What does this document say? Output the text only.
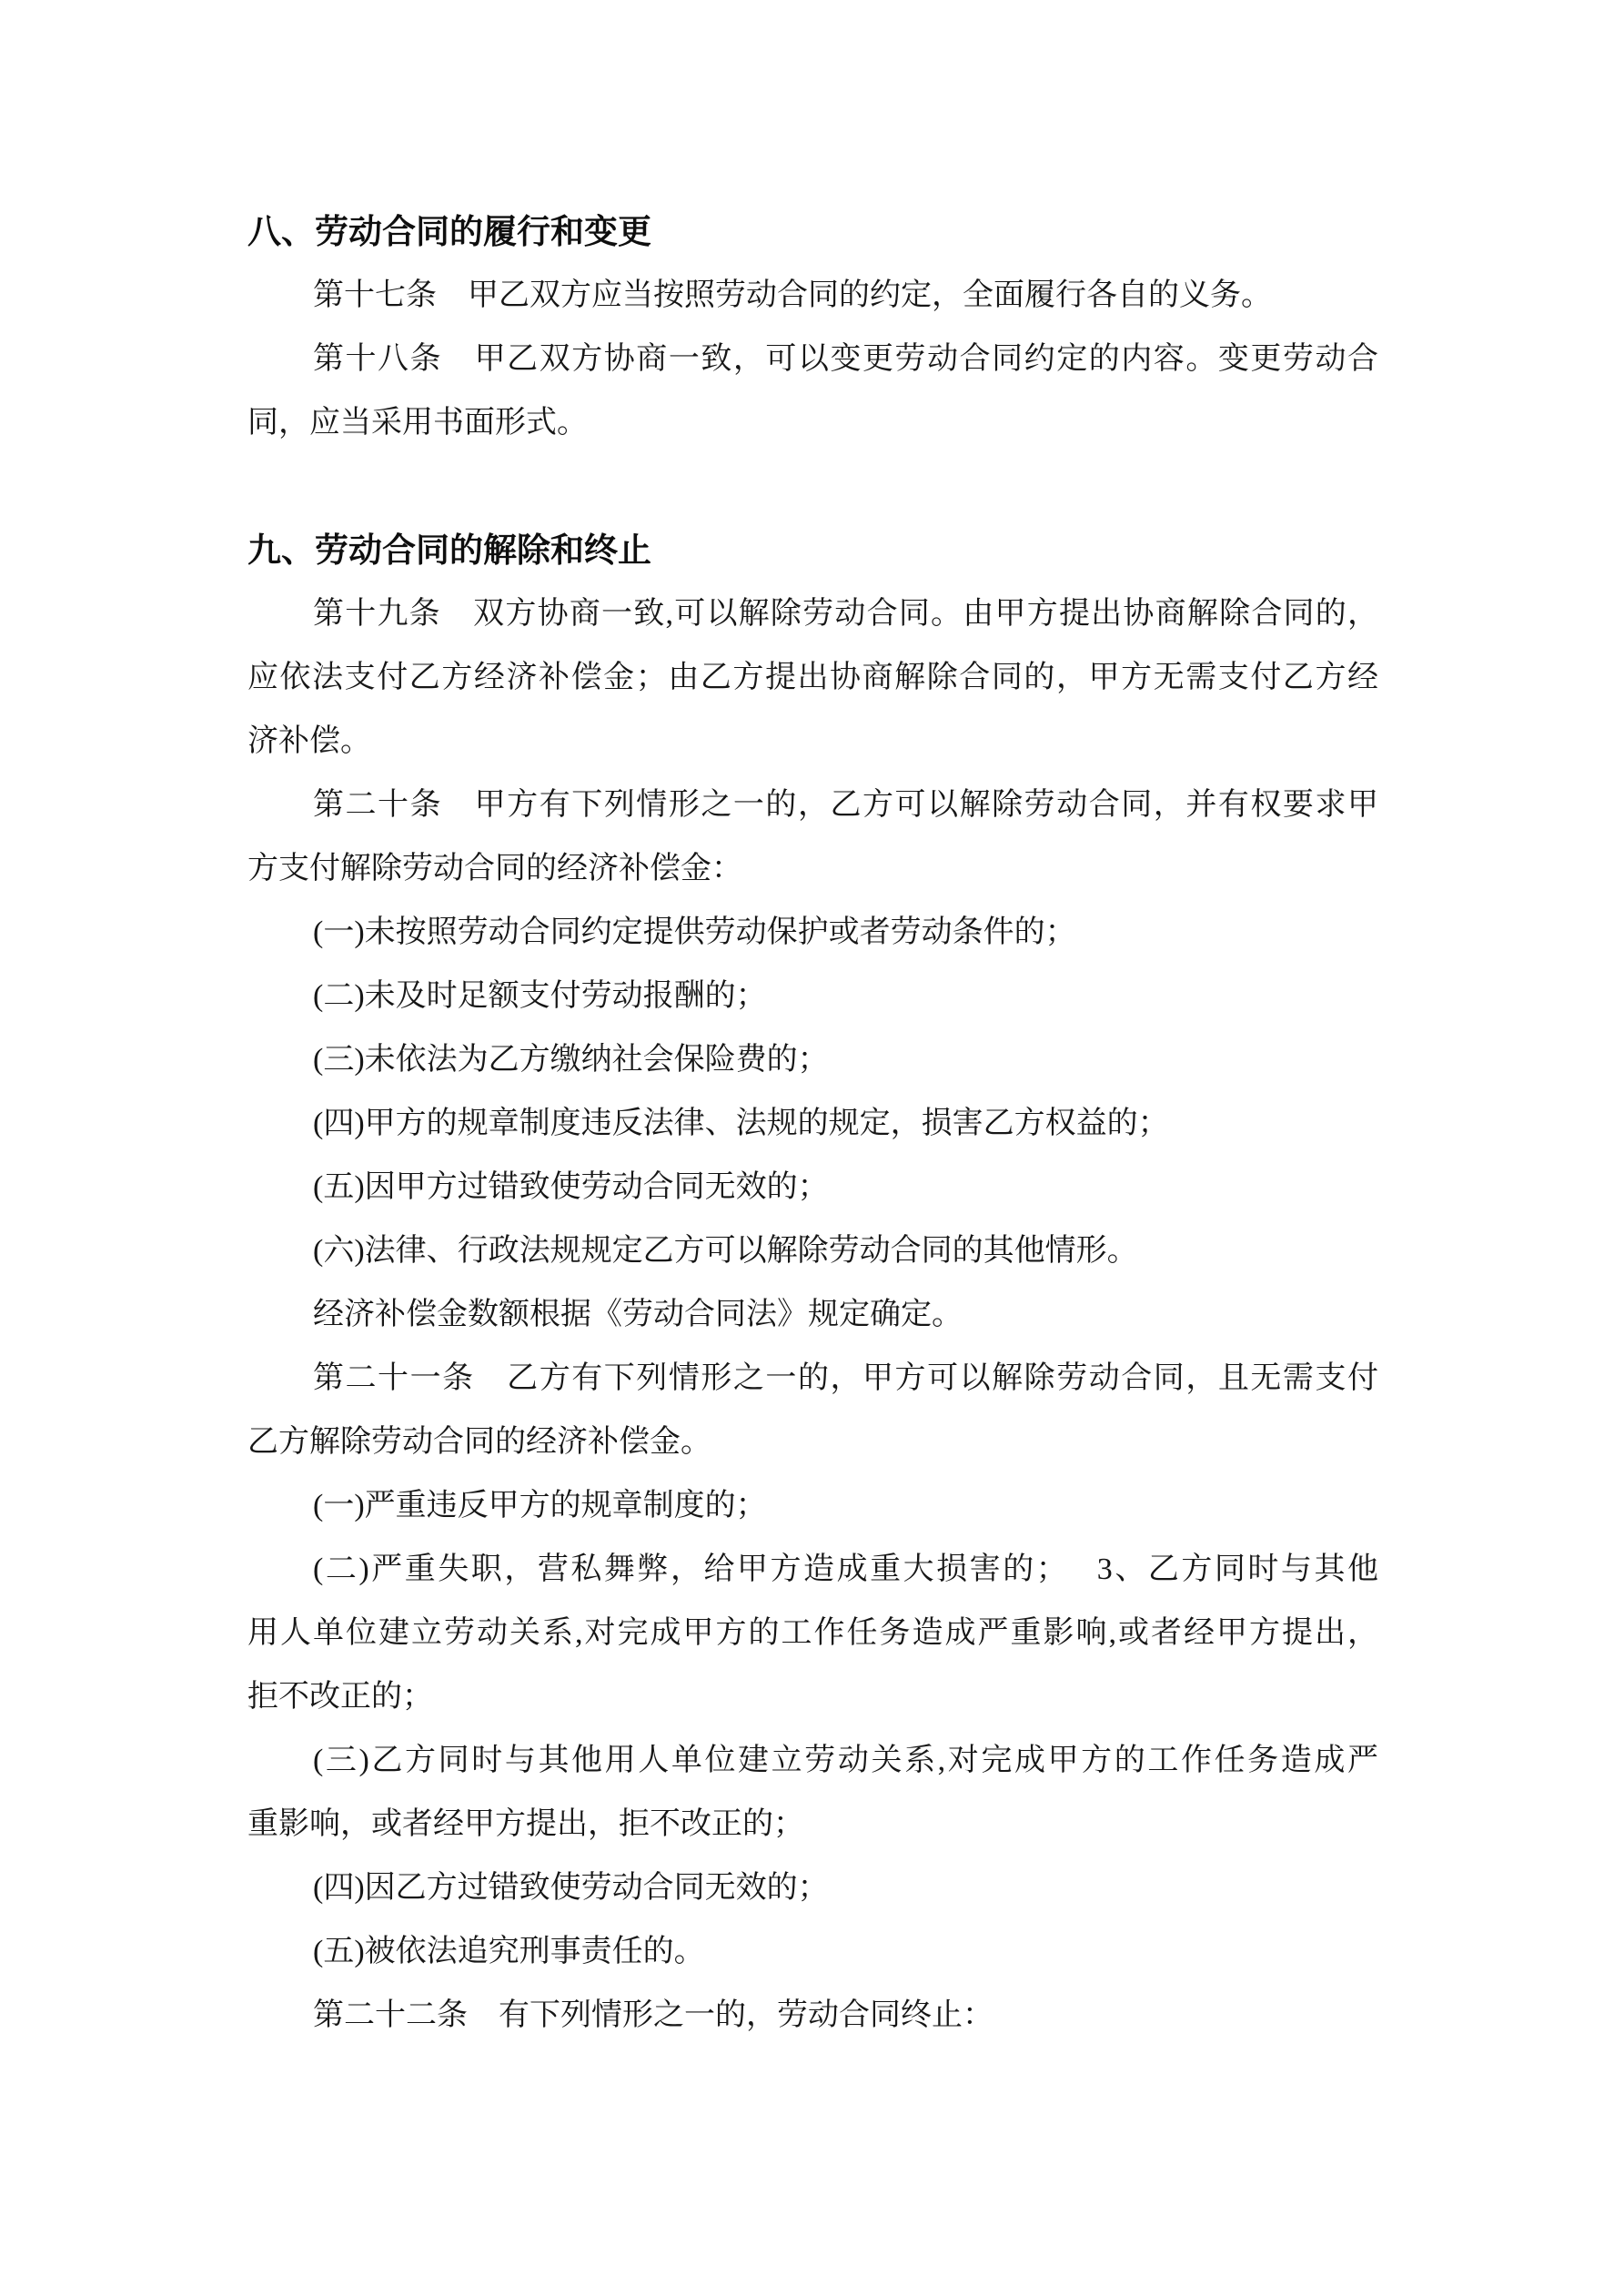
八、劳动合同的履行和变更
第十七条　甲乙双方应当按照劳动合同的约定，全面履行各自的义务。
第十八条　甲乙双方协商一致，可以变更劳动合同约定的内容。变更劳动合
同，应当采用书面形式。
九、劳动合同的解除和终止
第十九条　双方协商一致,可以解除劳动合同。由甲方提出协商解除合同的，
应依法支付乙方经济补偿金；由乙方提出协商解除合同的，甲方无需支付乙方经
济补偿。
第二十条　甲方有下列情形之一的，乙方可以解除劳动合同，并有权要求甲
方支付解除劳动合同的经济补偿金：
(一)未按照劳动合同约定提供劳动保护或者劳动条件的；
(二)未及时足额支付劳动报酬的；
(三)未依法为乙方缴纳社会保险费的；
(四)甲方的规章制度违反法律、法规的规定，损害乙方权益的；
(五)因甲方过错致使劳动合同无效的；
(六)法律、行政法规规定乙方可以解除劳动合同的其他情形。
经济补偿金数额根据《劳动合同法》规定确定。
第二十一条　乙方有下列情形之一的，甲方可以解除劳动合同，且无需支付
乙方解除劳动合同的经济补偿金。
(一)严重违反甲方的规章制度的；
(二)严重失职，营私舞弊，给甲方造成重大损害的；　 3、乙方同时与其他
用人单位建立劳动关系,对完成甲方的工作任务造成严重影响,或者经甲方提出，
拒不改正的；
(三)乙方同时与其他用人单位建立劳动关系,对完成甲方的工作任务造成严
重影响，或者经甲方提出，拒不改正的；
(四)因乙方过错致使劳动合同无效的；
(五)被依法追究刑事责任的。
第二十二条　有下列情形之一的，劳动合同终止：
